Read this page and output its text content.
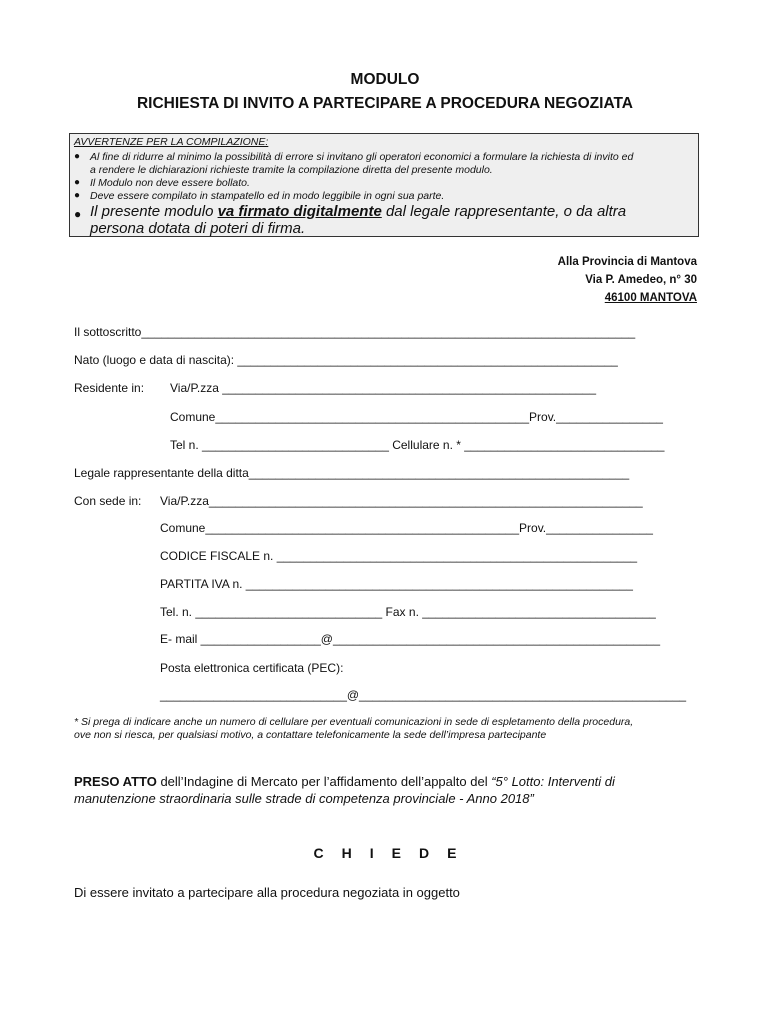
MODULO
RICHIESTA DI INVITO A PARTECIPARE A PROCEDURA NEGOZIATA
AVVERTENZE PER LA COMPILAZIONE:
● Al fine di ridurre al minimo la possibilità di errore si invitano gli operatori economici a formulare la richiesta di invito ed
a rendere le dichiarazioni richieste tramite la compilazione diretta del presente modulo.
● Il Modulo non deve essere bollato.
● Deve essere compilato in stampatello ed in modo leggibile in ogni sua parte.
● Il presente modulo va firmato digitalmente dal legale rappresentante, o da altra
persona dotata di poteri di firma.
Alla Provincia di Mantova
Via P. Amedeo, n° 30
46100 MANTOVA
Il sottoscritto__________________________________________________________________________
Nato (luogo e data di nascita): _________________________________________________________
Residente in: Via/P.zza ________________________________________________________
Comune_______________________________________________Prov.________________
Tel n. ____________________________ Cellulare n. * ______________________________
Legale rappresentante della ditta_________________________________________________________
Con sede in: Via/P.zza_________________________________________________________________
Comune_______________________________________________Prov.________________
CODICE FISCALE n. ______________________________________________________
PARTITA IVA n. __________________________________________________________
Tel. n. ____________________________ Fax n. ___________________________________
E- mail __________________@_________________________________________________
Posta elettronica certificata (PEC):
____________________________@_________________________________________________
* Si prega di indicare anche un numero di cellulare per eventuali comunicazioni in sede di espletamento della procedura,
ove non si riesca, per qualsiasi motivo, a contattare telefonicamente la sede dell’impresa partecipante
PRESO ATTO dell’Indagine di Mercato per l’affidamento dell’appalto del “5° Lotto: Interventi di manutenzione straordinaria sulle strade di competenza provinciale - Anno 2018”
CHIEDE
Di essere invitato a partecipare alla procedura negoziata in oggetto
